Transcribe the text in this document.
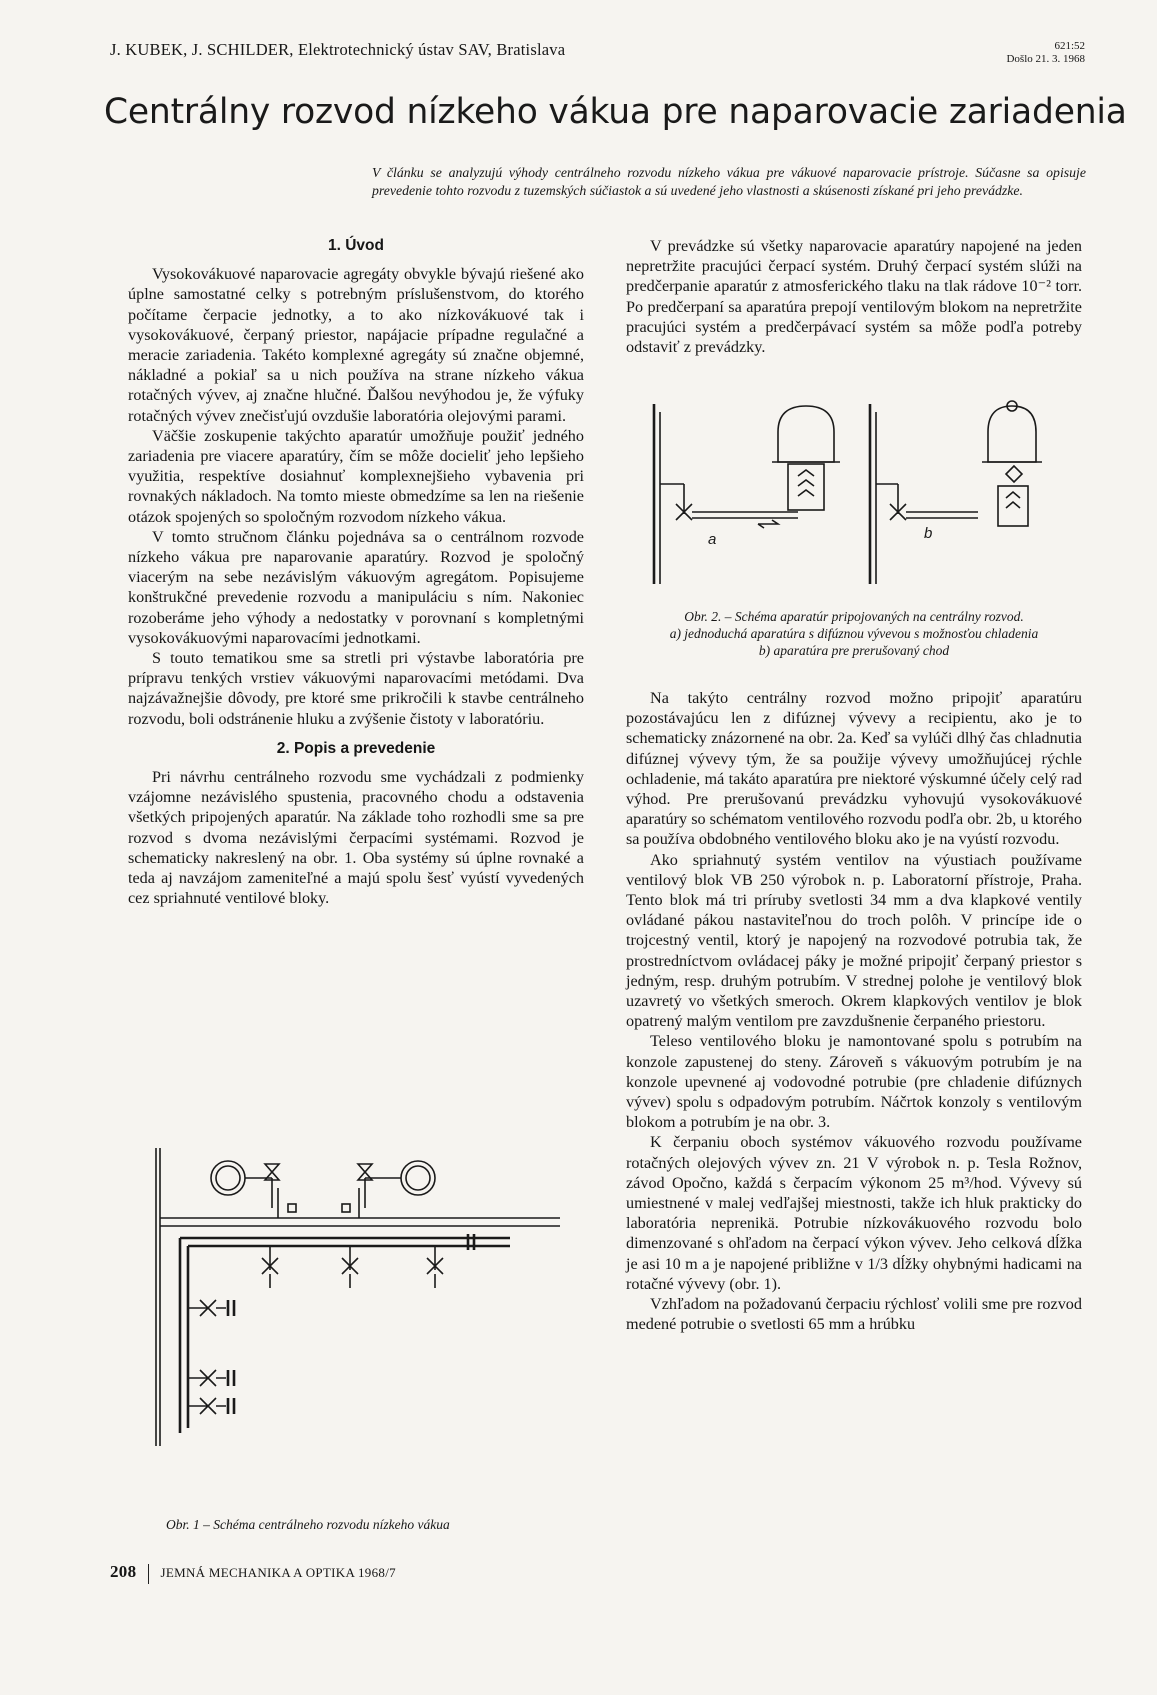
J. KUBEK, J. SCHILDER, Elektrotechnický ústav SAV, Bratislava	621:52
Došlo 21. 3. 1968
Centrálny rozvod nízkeho vákua pre naparovacie zariadenia
V článku se analyzujú výhody centrálneho rozvodu nízkeho vákua pre vákuové naparovacie prístroje. Súčasne sa opisuje prevedenie tohto rozvodu z tuzemských súčiastok a sú uvedené jeho vlastnosti a skúsenosti získané pri jeho prevádzke.
1. Úvod

Vysokovákuové naparovacie agregáty obvykle bývajú riešené ako úplne samostatné celky s potrebným príslušenstvom, do ktorého počítame čerpacie jednotky, a to ako nízkovákuové tak i vysokovákuové, čerpaný priestor, napájacie prípadne regulačné a meracie zariadenia. Takéto komplexné agregáty sú značne objemné, nákladné a pokiaľ sa u nich používa na strane nízkeho vákua rotačných vývev, aj značne hlučné. Ďalšou nevýhodou je, že výfuky rotačných vývev znečisťujú ovzdušie laboratória olejovými parami.

Väčšie zoskupenie takýchto aparatúr umožňuje použiť jedného zariadenia pre viacere aparatúry, čím se môže docieliť jeho lepšieho využitia, respektíve dosiahnuť komplexnejšieho vybavenia pri rovnakých nákladoch. Na tomto mieste obmedzíme sa len na riešenie otázok spojených so spoločným rozvodom nízkeho vákua.

V tomto stručnom článku pojednáva sa o centrálnom rozvode nízkeho vákua pre naparovanie aparatúry. Rozvod je spoločný viacerým na sebe nezávislým vákuovým agregátom. Popisujeme konštrukčné prevedenie rozvodu a manipuláciu s ním. Nakoniec rozoberáme jeho výhody a nedostatky v porovnaní s kompletnými vysokovákuovými naparovacími jednotkami.

S touto tematikou sme sa stretli pri výstavbe laboratória pre prípravu tenkých vrstiev vákuovými naparovacími metódami. Dva najzávažnejšie dôvody, pre ktoré sme prikročili k stavbe centrálneho rozvodu, boli odstránenie hluku a zvýšenie čistoty v laboratóriu.

2. Popis a prevedenie

Pri návrhu centrálneho rozvodu sme vychádzali z podmienky vzájomne nezávislého spustenia, pracovného chodu a odstavenia všetkých pripojených aparatúr. Na základe toho rozhodli sme sa pre rozvod s dvoma nezávislými čerpacími systémami. Rozvod je schematicky nakreslený na obr. 1. Oba systémy sú úplne rovnaké a teda aj navzájom zameniteľné a majú spolu šesť vyústí vyvedených cez spriahnuté ventilové bloky.

Obr. 1 – Schéma centrálneho rozvodu nízkeho vákua

V prevádzke sú všetky naparovacie aparatúry napojené na jeden nepretržite pracujúci čerpací systém. Druhý čerpací systém slúži na predčerpanie aparatúr z atmosferického tlaku na tlak rádove 10⁻² torr. Po predčerpaní sa aparatúra prepojí ventilovým blokom na nepretržite pracujúci systém a predčerpávací systém sa môže podľa potreby odstaviť z prevádzky.

a	b
Obr. 2. – Schéma aparatúr pripojovaných na centrálny rozvod.
a) jednoduchá aparatúra s difúznou vývevou s možnosťou chladenia
b) aparatúra pre prerušovaný chod

Na takýto centrálny rozvod možno pripojiť aparatúru pozostávajúcu len z difúznej vývevy a recipientu, ako je to schematicky znázornené na obr. 2a. Keď sa vylúči dlhý čas chladnutia difúznej vývevy tým, že sa použije vývevy umožňujúcej rýchle ochladenie, má takáto aparatúra pre niektoré výskumné účely celý rad výhod. Pre prerušovanú prevádzku vyhovujú vysokovákuové aparatúry so schématom ventilového rozvodu podľa obr. 2b, u ktorého sa používa obdobného ventilového bloku ako je na vyústí rozvodu.

Ako spriahnutý systém ventilov na výustiach používame ventilový blok VB 250 výrobok n. p. Laboratorní přístroje, Praha. Tento blok má tri príruby svetlosti 34 mm a dva klapkové ventily ovládané pákou nastaviteľnou do troch polôh. V princípe ide o trojcestný ventil, ktorý je napojený na rozvodové potrubia tak, že prostredníctvom ovládacej páky je možné pripojiť čerpaný priestor s jedným, resp. druhým potrubím. V strednej polohe je ventilový blok uzavretý vo všetkých smeroch. Okrem klapkových ventilov je blok opatrený malým ventilom pre zavzdušnenie čerpaného priestoru.

Teleso ventilového bloku je namontované spolu s potrubím na konzole zapustenej do steny. Zároveň s vákuovým potrubím je na konzole upevnené aj vodovodné potrubie (pre chladenie difúznych vývev) spolu s odpadovým potrubím. Náčrtok konzoly s ventilovým blokom a potrubím je na obr. 3.

K čerpaniu oboch systémov vákuového rozvodu používame rotačných olejových vývev zn. 21 V výrobok n. p. Tesla Rožnov, závod Opočno, každá s čerpacím výkonom 25 m³/hod. Vývevy sú umiestnené v malej vedľajšej miestnosti, takže ich hluk prakticky do laboratória neprenikä. Potrubie nízkovákuového rozvodu bolo dimenzované s ohľadom na čerpací výkon vývev. Jeho celková dĺžka je asi 10 m a je napojené približne v 1/3 dĺžky ohybnými hadicami na rotačné vývevy (obr. 1).

Vzhľadom na požadovanú čerpaciu rýchlosť volili sme pre rozvod medené potrubie o svetlosti 65 mm a hrúbku

208 JEMNÁ MECHANIKA A OPTIKA 1968/7
